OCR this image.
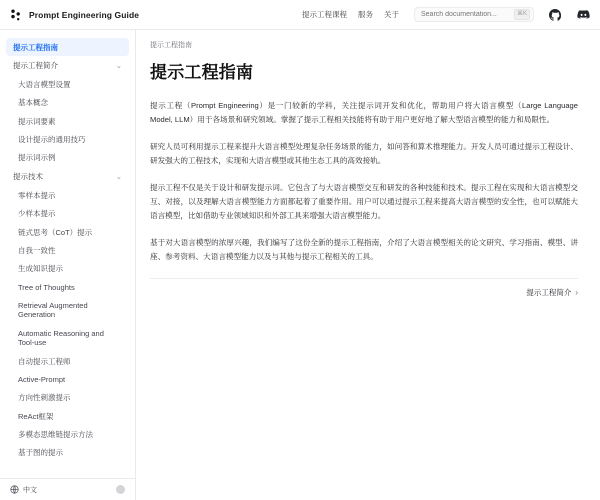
Prompt Engineering Guide	提示工程课程 服务 关于
Search documentation...	⌘K
提示工程指南
提示工程简介	⌄
大语言模型设置
基本概念
提示词要素
设计提示的通用技巧
提示词示例
提示技术	⌄
零样本提示
少样本提示
链式思考（CoT）提示
自我一致性
生成知识提示
Tree of Thoughts
Retrieval Augmented Generation
Automatic Reasoning and Tool-use
自动提示工程师
Active-Prompt
方向性刺激提示
ReAct框架
多模态思维链提示方法
基于图的提示
中文
提示工程指南
提示工程指南

提示工程（Prompt Engineering）是一门较新的学科，关注提示词开发和优化，帮助用户将大语言模型（Large Language Model, LLM）用于各场景和研究领域。掌握了提示工程相关技能将有助于用户更好地了解大型语言模型的能力和局限性。

研究人员可利用提示工程来提升大语言模型处理复杂任务场景的能力，如问答和算术推理能力。开发人员可通过提示工程设计、研发强大的工程技术，实现和大语言模型或其他生态工具的高效接轨。

提示工程不仅是关于设计和研发提示词。它包含了与大语言模型交互和研发的各种技能和技术。提示工程在实现和大语言模型交互、对接，以及理解大语言模型能力方面都起着了重要作用。用户可以通过提示工程来提高大语言模型的安全性，也可以赋能大语言模型，比如借助专业领域知识和外部工具来增强大语言模型能力。

基于对大语言模型的浓厚兴趣，我们编写了这份全新的提示工程指南，介绍了大语言模型相关的论文研究、学习指南、模型、讲座、参考资料、大语言模型能力以及与其他与提示工程相关的工具。

提示工程简介 ›
